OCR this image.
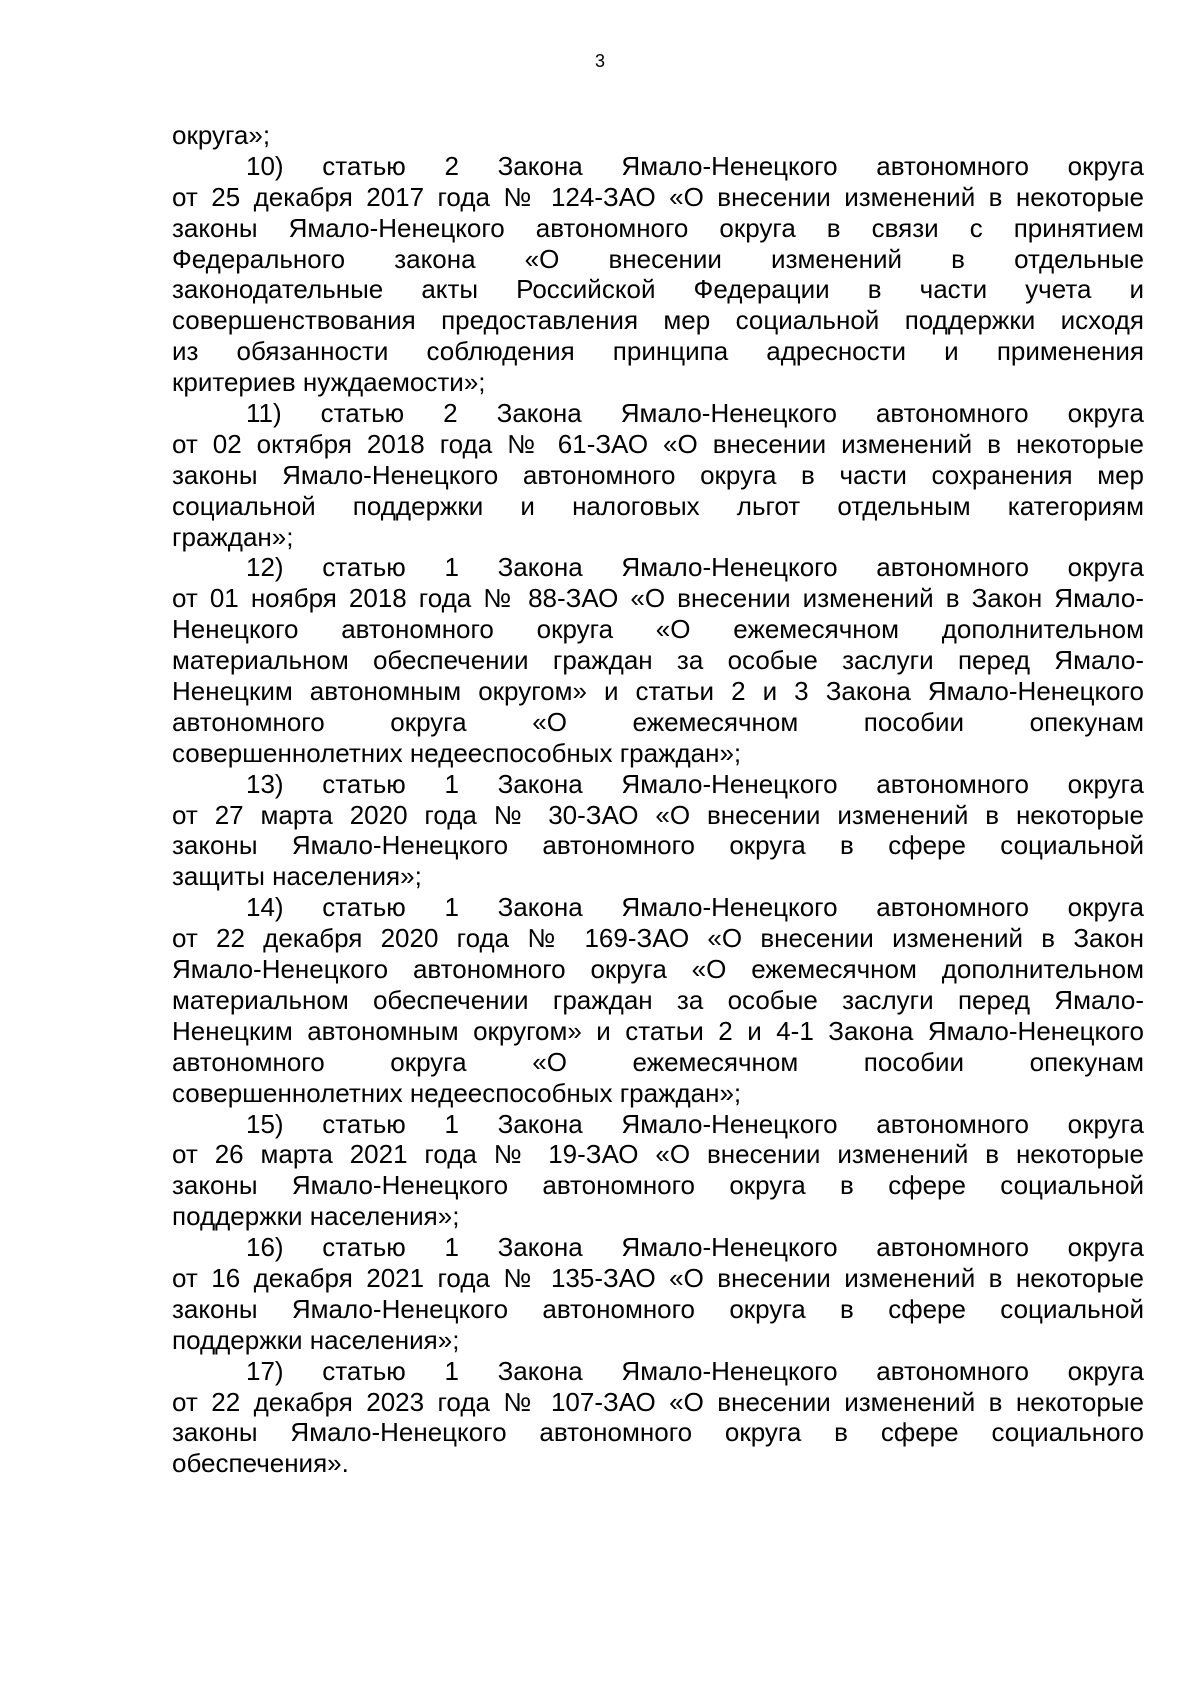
3
округа»;
10) статью 2 Закона Ямало-Ненецкого автономного округа
от 25 декабря 2017 года № 124-ЗАО «О внесении изменений в некоторые
законы Ямало-Ненецкого автономного округа в связи с принятием
Федерального закона «О внесении изменений в отдельные
законодательные акты Российской Федерации в части учета и
совершенствования предоставления мер социальной поддержки исходя
из обязанности соблюдения принципа адресности и применения
критериев нуждаемости»;
11) статью 2 Закона Ямало-Ненецкого автономного округа
от 02 октября 2018 года № 61-ЗАО «О внесении изменений в некоторые
законы Ямало-Ненецкого автономного округа в части сохранения мер
социальной поддержки и налоговых льгот отдельным категориям
граждан»;
12) статью 1 Закона Ямало-Ненецкого автономного округа
от 01 ноября 2018 года № 88-ЗАО «О внесении изменений в Закон Ямало-
Ненецкого автономного округа «О ежемесячном дополнительном
материальном обеспечении граждан за особые заслуги перед Ямало-
Ненецким автономным округом» и статьи 2 и 3 Закона Ямало-Ненецкого
автономного округа «О ежемесячном пособии опекунам
совершеннолетних недееспособных граждан»;
13) статью 1 Закона Ямало-Ненецкого автономного округа
от 27 марта 2020 года № 30-ЗАО «О внесении изменений в некоторые
законы Ямало-Ненецкого автономного округа в сфере социальной
защиты населения»;
14) статью 1 Закона Ямало-Ненецкого автономного округа
от 22 декабря 2020 года № 169-ЗАО «О внесении изменений в Закон
Ямало-Ненецкого автономного округа «О ежемесячном дополнительном
материальном обеспечении граждан за особые заслуги перед Ямало-
Ненецким автономным округом» и статьи 2 и 4-1 Закона Ямало-Ненецкого
автономного округа «О ежемесячном пособии опекунам
совершеннолетних недееспособных граждан»;
15) статью 1 Закона Ямало-Ненецкого автономного округа
от 26 марта 2021 года № 19-ЗАО «О внесении изменений в некоторые
законы Ямало-Ненецкого автономного округа в сфере социальной
поддержки населения»;
16) статью 1 Закона Ямало-Ненецкого автономного округа
от 16 декабря 2021 года № 135-ЗАО «О внесении изменений в некоторые
законы Ямало-Ненецкого автономного округа в сфере социальной
поддержки населения»;
17) статью 1 Закона Ямало-Ненецкого автономного округа
от 22 декабря 2023 года № 107-ЗАО «О внесении изменений в некоторые
законы Ямало-Ненецкого автономного округа в сфере социального
обеспечения».
